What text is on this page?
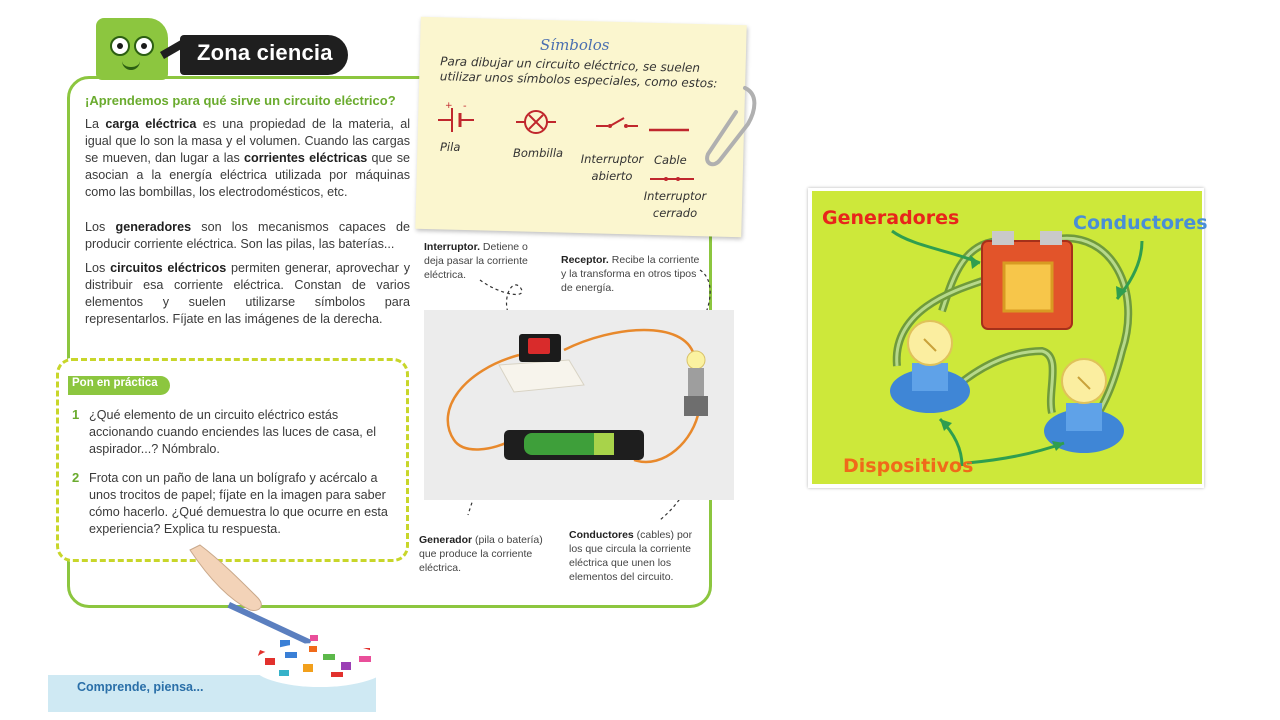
Zona ciencia
¡Aprendemos para qué sirve un circuito eléctrico?
La carga eléctrica es una propiedad de la materia, al igual que lo son la masa y el volumen. Cuando las cargas se mueven, dan lugar a las corrientes eléctricas que se asocian a la energía eléctrica utilizada por máquinas como las bombillas, los electrodomésticos, etc.
Los generadores son los mecanismos capaces de producir corriente eléctrica. Son las pilas, las baterías...
Los circuitos eléctricos permiten generar, aprovechar y distribuir esa corriente eléctrica. Constan de varios elementos y suelen utilizarse símbolos para representarlos. Fíjate en las imágenes de la derecha.
Pon en práctica
1 ¿Qué elemento de un circuito eléctrico estás accionando cuando enciendes las luces de casa, el aspirador...? Nómbralo.
2 Frota con un paño de lana un bolígrafo y acércalo a unos trocitos de papel; fíjate en la imagen para saber cómo hacerlo. ¿Qué demuestra lo que ocurre en esta experiencia? Explica tu respuesta.
Símbolos
Para dibujar un circuito eléctrico, se suelen utilizar unos símbolos especiales, como estos:
+ -
Pila	Bombilla Interruptor abierto
Cable
Interruptor cerrado
Interruptor. Detiene o deja pasar la corriente eléctrica.
Receptor. Recibe la corriente y la transforma en otros tipos de energía.
Generador (pila o batería) que produce la corriente eléctrica.
Conductores (cables) por los que circula la corriente eléctrica que unen los elementos del circuito.
Comprende, piensa...
Generadores	Conductores
Dispositivos
